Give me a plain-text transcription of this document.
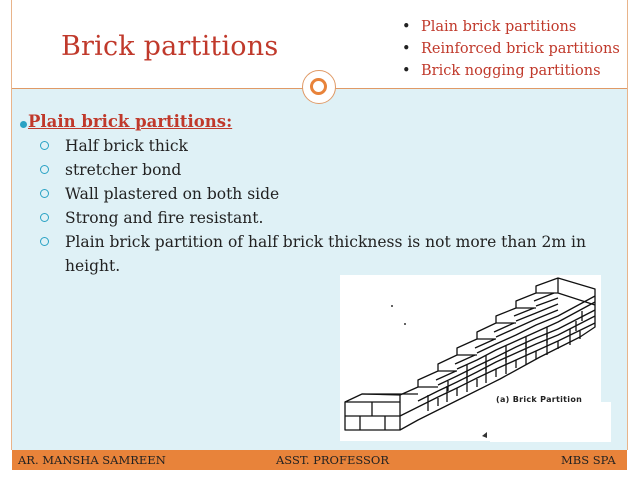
Brick partitions
• Plain brick partitions
• Reinforced brick partitions
• Brick nogging partitions
Plain brick partitions:
Half brick thick
stretcher bond
Wall plastered on both side
Strong and fire resistant.
Plain brick partition of half brick thickness is not more than 2m in height.
(a) Brick Partition
AR. MANSHA SAMREEN	ASST. PROFESSOR	MBS SPA
